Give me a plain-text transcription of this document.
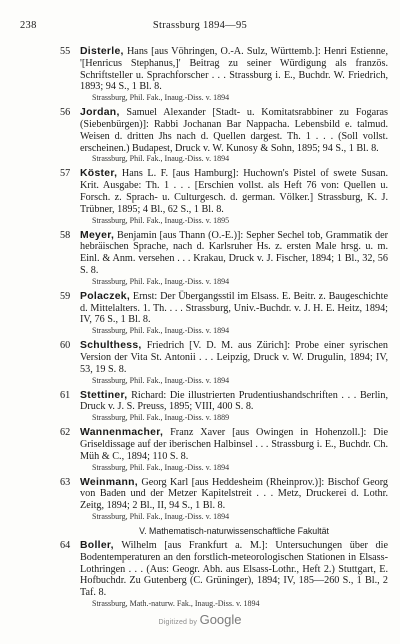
238	Strassburg 1894—95
55 Disterle, Hans [aus Vöhringen, O.-A. Sulz, Württemb.]: Henri Estienne, '[Henricus Stephanus,]' Beitrag zu seiner Würdigung als französ. Schriftsteller u. Sprachforscher . . . Strassburg i. E., Buchdr. W. Friedrich, 1893; 94 S., 1 Bl. 8.
Strassburg, Phil. Fak., Inaug.-Diss. v. 1894
56 Jordan, Samuel Alexander [Stadt- u. Komitatsrabbiner zu Fogaras (Siebenbürgen)]: Rabbi Jochanan Bar Nappacha. Lebensbild e. talmud. Weisen d. dritten Jhs nach d. Quellen dargest. Th. 1 . . . (Soll vollst. erscheinen.) Budapest, Druck v. W. Kunosy & Sohn, 1895; 94 S., 1 Bl. 8.
Strassburg, Phil. Fak., Inaug.-Diss. v. 1894
57 Köster, Hans L. F. [aus Hamburg]: Huchown's Pistel of swete Susan. Krit. Ausgabe: Th. 1 . . . [Erschien vollst. als Heft 76 von: Quellen u. Forsch. z. Sprach- u. Culturgesch. d. german. Völker.] Strassburg, K. J. Trübner, 1895; 4 Bl., 62 S., 1 Bl. 8.
Strassburg, Phil. Fak., Inaug.-Diss. v. 1895
58 Meyer, Benjamin [aus Thann (O.-E.)]: Sepher Sechel tob, Grammatik der hebräischen Sprache, nach d. Karlsruher Hs. z. ersten Male hrsg. u. m. Einl. & Anm. versehen . . . Krakau, Druck v. J. Fischer, 1894; 1 Bl., 32, 56 S. 8.
Strassburg, Phil. Fak., Inaug.-Diss. v. 1894
59 Polaczek, Ernst: Der Übergangsstil im Elsass. E. Beitr. z. Baugeschichte d. Mittelalters. 1. Th. . . . Strassburg, Univ.-Buchdr. v. J. H. E. Heitz, 1894; IV, 76 S., 1 Bl. 8.
Strassburg, Phil. Fak., Inaug.-Diss. v. 1894
60 Schulthess, Friedrich [V. D. M. aus Zürich]: Probe einer syrischen Version der Vita St. Antonii . . . Leipzig, Druck v. W. Drugulin, 1894; IV, 53, 19 S. 8.
Strassburg, Phil. Fak., Inaug.-Diss. v. 1894
61 Stettiner, Richard: Die illustrierten Prudentiushandschriften . . . Berlin, Druck v. J. S. Preuss, 1895; VIII, 400 S. 8.
Strassburg, Phil. Fak., Inaug.-Diss. v. 1889
62 Wannenmacher, Franz Xaver [aus Owingen in Hohenzoll.]: Die Griseldissage auf der iberischen Halbinsel . . . Strassburg i. E., Buchdr. Ch. Müh & C., 1894; 110 S. 8.
Strassburg, Phil. Fak., Inaug.-Diss. v. 1894
63 Weinmann, Georg Karl [aus Heddesheim (Rheinprov.)]: Bischof Georg von Baden und der Metzer Kapitelstreit . . . Metz, Druckerei d. Lothr. Zeitg, 1894; 2 Bl., II, 94 S., 1 Bl. 8.
Strassburg, Phil. Fak., Inaug.-Diss. v. 1894
V. Mathematisch-naturwissenschaftliche Fakultät
64 Boller, Wilhelm [aus Frankfurt a. M.]: Untersuchungen über die Bodentemperaturen an den forstlich-meteorologischen Stationen in Elsass-Lothringen . . . (Aus: Geogr. Abh. aus Elsass-Lothr., Heft 2.) Stuttgart, E. Hofbuchdr. Zu Gutenberg (C. Grüninger), 1894; IV, 185—260 S., 1 Bl., 2 Taf. 8.
Strassburg, Math.-naturw. Fak., Inaug.-Diss. v. 1894
Digitized by Google
